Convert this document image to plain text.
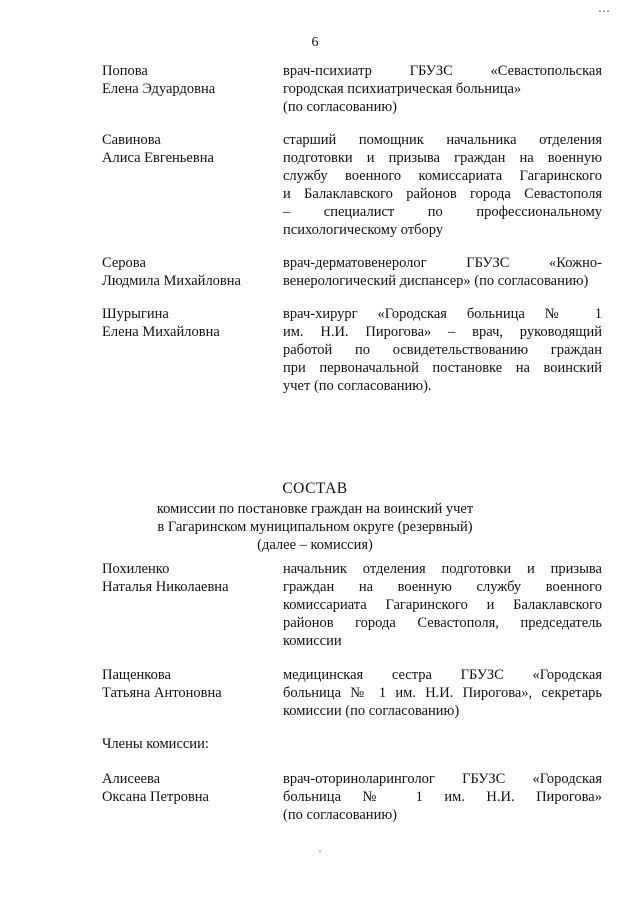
6
Попова
Елена Эдуардовна
врач-психиатр ГБУЗС «Севастопольская
городская психиатрическая больница»
(по согласованию)
Савинова
Алиса Евгеньевна
старший помощник начальника отделения
подготовки и призыва граждан на военную
службу военного комиссариата Гагаринского
и Балаклавского районов города Севастополя
– специалист по профессиональному
психологическому отбору
Серова
Людмила Михайловна
врач-дерматовенеролог ГБУЗС «Кожно-
венерологический диспансер» (по согласованию)
Шурыгина
Елена Михайловна
врач-хирург «Городская больница № 1
им. Н.И. Пирогова» – врач, руководящий
работой по освидетельствованию граждан
при первоначальной постановке на воинский
учет (по согласованию).
СОСТАВ
комиссии по постановке граждан на воинский учет
в Гагаринском муниципальном округе (резервный)
(далее – комиссия)
Похиленко
Наталья Николаевна
начальник отделения подготовки и призыва
граждан на военную службу военного
комиссариата Гагаринского и Балаклавского
районов города Севастополя, председатель
комиссии
Пащенкова
Татьяна Антоновна
медицинская сестра ГБУЗС «Городская
больница № 1 им. Н.И. Пирогова», секретарь
комиссии (по согласованию)
Члены комиссии:
Алисеева
Оксана Петровна
врач-оториноларинголог ГБУЗС «Городская
больница № 1 им. Н.И. Пирогова»
(по согласованию)
⋯
·
